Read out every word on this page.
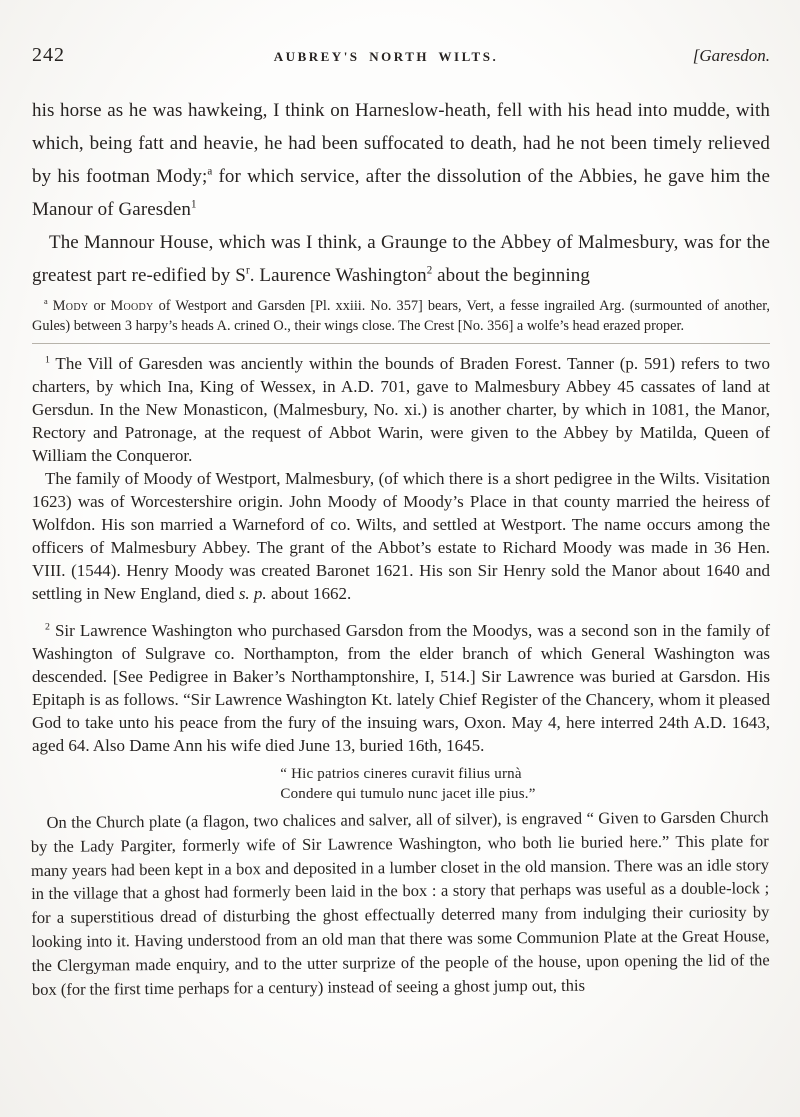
242	AUBREY'S NORTH WILTS.	[Garesdon.

his horse as he was hawkeing, I think on Harneslow-heath, fell with his head into mudde, with which, being fatt and heavie, he had been suffocated to death, had he not been timely relieved by his footman Mody;$^a$ for which service, after the dissolution of the Abbies, he gave him the Manour of Garesden$^1$

The Mannour House, which was I think, a Graunge to the Abbey of Malmesbury, was for the greatest part re-edified by $S^r$. Laurence Washington$^2$ about the beginning

$^a$ Mody or Moody of Westport and Garsden [Pl. xxiii. No. 357] bears, Vert, a fesse ingrailed Arg. (surmounted of another, Gules) between 3 harpy’s heads A. crined O., their wings close. The Crest [No. 356] a wolfe’s head erazed proper.

$^1$ The Vill of Garesden was anciently within the bounds of Braden Forest. Tanner (p. 591) refers to two charters, by which Ina, King of Wessex, in A.D. 701, gave to Malmesbury Abbey 45 cassates of land at Gersdun. In the New Monasticon, (Malmesbury, No. xi.) is another charter, by which in 1081, the Manor, Rectory and Patronage, at the request of Abbot Warin, were given to the Abbey by Matilda, Queen of William the Conqueror.

The family of Moody of Westport, Malmesbury, (of which there is a short pedigree in the Wilts. Visitation 1623) was of Worcestershire origin. John Moody of Moody’s Place in that county married the heiress of Wolfdon. His son married a Warneford of co. Wilts, and settled at Westport. The name occurs among the officers of Malmesbury Abbey. The grant of the Abbot’s estate to Richard Moody was made in 36 Hen. VIII. (1544). Henry Moody was created Baronet 1621. His son Sir Henry sold the Manor about 1640 and settling in New England, died s. p. about 1662.

$^2$ Sir Lawrence Washington who purchased Garsdon from the Moodys, was a second son in the family of Washington of Sulgrave co. Northampton, from the elder branch of which General Washington was descended. [See Pedigree in Baker’s Northamptonshire, I, 514.] Sir Lawrence was buried at Garsdon. His Epitaph is as follows. “Sir Lawrence Washington Kt. lately Chief Register of the Chancery, whom it pleased God to take unto his peace from the fury of the insuing wars, Oxon. May 4, here interred 24th A.D. 1643, aged 64. Also Dame Ann his wife died June 13, buried 16th, 1645.

“ Hic patrios cineres curavit filius urnà
Condere qui tumulo nunc jacet ille pius.”
On the Church plate (a flagon, two chalices and salver, all of silver), is engraved “ Given to Garsden Church by the Lady Pargiter, formerly wife of Sir Lawrence Washington, who both lie buried here.” This plate for many years had been kept in a box and deposited in a lumber closet in the old mansion. There was an idle story in the village that a ghost had formerly been laid in the box : a story that perhaps was useful as a double-lock ; for a superstitious dread of disturbing the ghost effectually deterred many from indulging their curiosity by looking into it. Having understood from an old man that there was some Communion Plate at the Great House, the Clergyman made enquiry, and to the utter surprize of the people of the house, upon opening the lid of the box (for the first time perhaps for a century) instead of seeing a ghost jump out, this
